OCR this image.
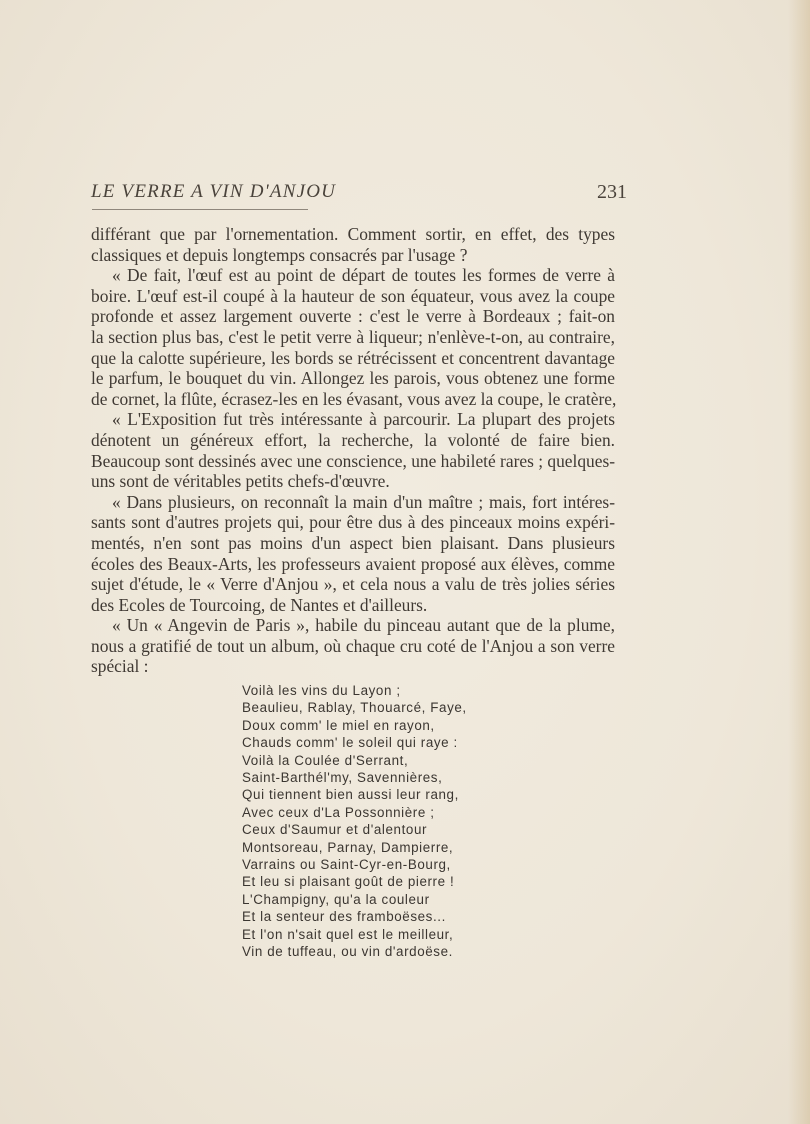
LE VERRE A VIN D'ANJOU	231
différant que par l'ornementation. Comment sortir, en effet, des types
classiques et depuis longtemps consacrés par l'usage ?
« De fait, l'œuf est au point de départ de toutes les formes de verre à
boire. L'œuf est-il coupé à la hauteur de son équateur, vous avez la coupe
profonde et assez largement ouverte : c'est le verre à Bordeaux ; fait-on
la section plus bas, c'est le petit verre à liqueur; n'enlève-t-on, au contraire,
que la calotte supérieure, les bords se rétrécissent et concentrent davantage
le parfum, le bouquet du vin. Allongez les parois, vous obtenez une forme
de cornet, la flûte, écrasez-les en les évasant, vous avez la coupe, le cratère,
« L'Exposition fut très intéressante à parcourir. La plupart des projets
dénotent un généreux effort, la recherche, la volonté de faire bien.
Beaucoup sont dessinés avec une conscience, une habileté rares ; quelques-
uns sont de véritables petits chefs-d'œuvre.
« Dans plusieurs, on reconnaît la main d'un maître ; mais, fort intéres-
sants sont d'autres projets qui, pour être dus à des pinceaux moins expéri-
mentés, n'en sont pas moins d'un aspect bien plaisant. Dans plusieurs
écoles des Beaux-Arts, les professeurs avaient proposé aux élèves, comme
sujet d'étude, le « Verre d'Anjou », et cela nous a valu de très jolies séries
des Ecoles de Tourcoing, de Nantes et d'ailleurs.
« Un « Angevin de Paris », habile du pinceau autant que de la plume,
nous a gratifié de tout un album, où chaque cru coté de l'Anjou a son verre
spécial :
Voilà les vins du Layon ;
Beaulieu, Rablay, Thouarcé, Faye,
Doux comm' le miel en rayon,
Chauds comm' le soleil qui raye :
Voilà la Coulée d'Serrant,
Saint-Barthél'my, Savennières,
Qui tiennent bien aussi leur rang,
Avec ceux d'La Possonnière ;
Ceux d'Saumur et d'alentour
Montsoreau, Parnay, Dampierre,
Varrains ou Saint-Cyr-en-Bourg,
Et leu si plaisant goût de pierre !
L'Champigny, qu'a la couleur
Et la senteur des framboëses...
Et l'on n'sait quel est le meilleur,
Vin de tuffeau, ou vin d'ardoëse.
